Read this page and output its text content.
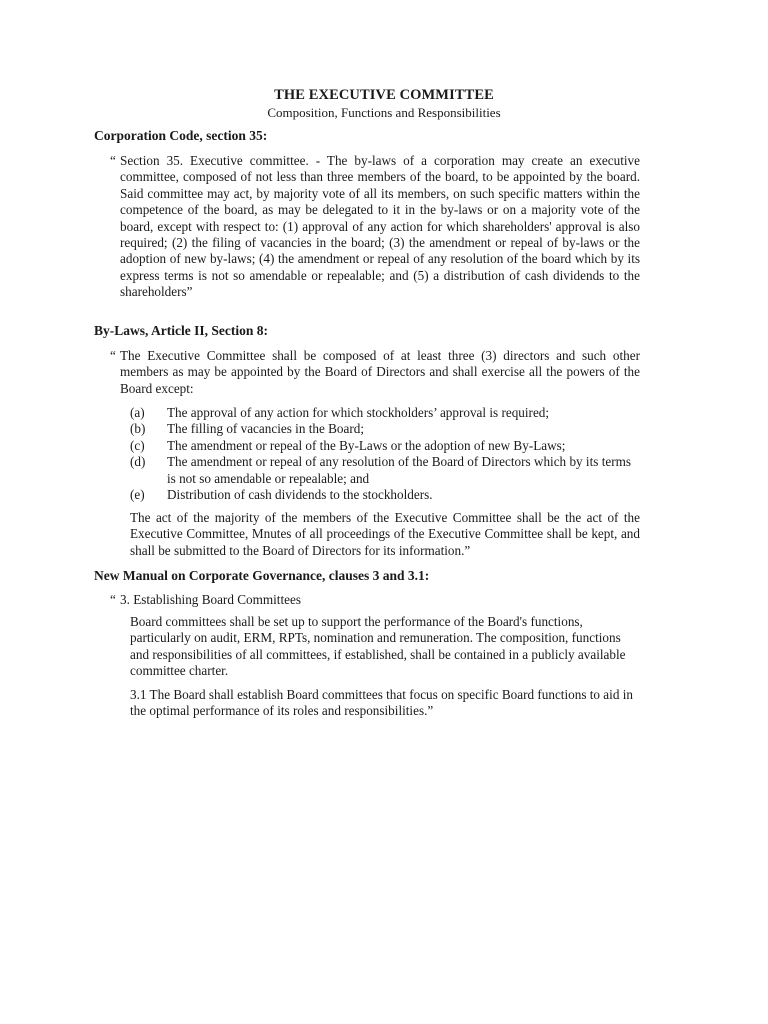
THE EXECUTIVE COMMITTEE
Composition, Functions and Responsibilities
Corporation Code, section 35:
“ Section 35. Executive committee. - The by-laws of a corporation may create an executive committee, composed of not less than three members of the board, to be appointed by the board. Said committee may act, by majority vote of all its members, on such specific matters within the competence of the board, as may be delegated to it in the by-laws or on a majority vote of the board, except with respect to: (1) approval of any action for which shareholders' approval is also required; (2) the filing of vacancies in the board; (3) the amendment or repeal of by-laws or the adoption of new by-laws; (4) the amendment or repeal of any resolution of the board which by its express terms is not so amendable or repealable; and (5) a distribution of cash dividends to the shareholders”
By-Laws, Article II, Section 8:
“ The Executive Committee shall be composed of at least three (3) directors and such other members as may be appointed by the Board of Directors and shall exercise all the powers of the Board except:
(a)	The approval of any action for which stockholders’ approval is required;
(b)	The filling of vacancies in the Board;
(c)	The amendment or repeal of the By-Laws or the adoption of new By-Laws;
(d)	The amendment or repeal of any resolution of the Board of Directors which by its terms is not so amendable or repealable; and
(e)	Distribution of cash dividends to the stockholders.
The act of the majority of the members of the Executive Committee shall be the act of the Executive Committee, Mnutes of all proceedings of the Executive Committee shall be kept, and shall be submitted to the Board of Directors for its information.”
New Manual on Corporate Governance, clauses 3 and 3.1:
“ 3. Establishing Board Committees
Board committees shall be set up to support the performance of the Board's functions, particularly on audit, ERM, RPTs, nomination and remuneration. The composition, functions and responsibilities of all committees, if established, shall be contained in a publicly available committee charter.
3.1 The Board shall establish Board committees that focus on specific Board functions to aid in the optimal performance of its roles and responsibilities.”
